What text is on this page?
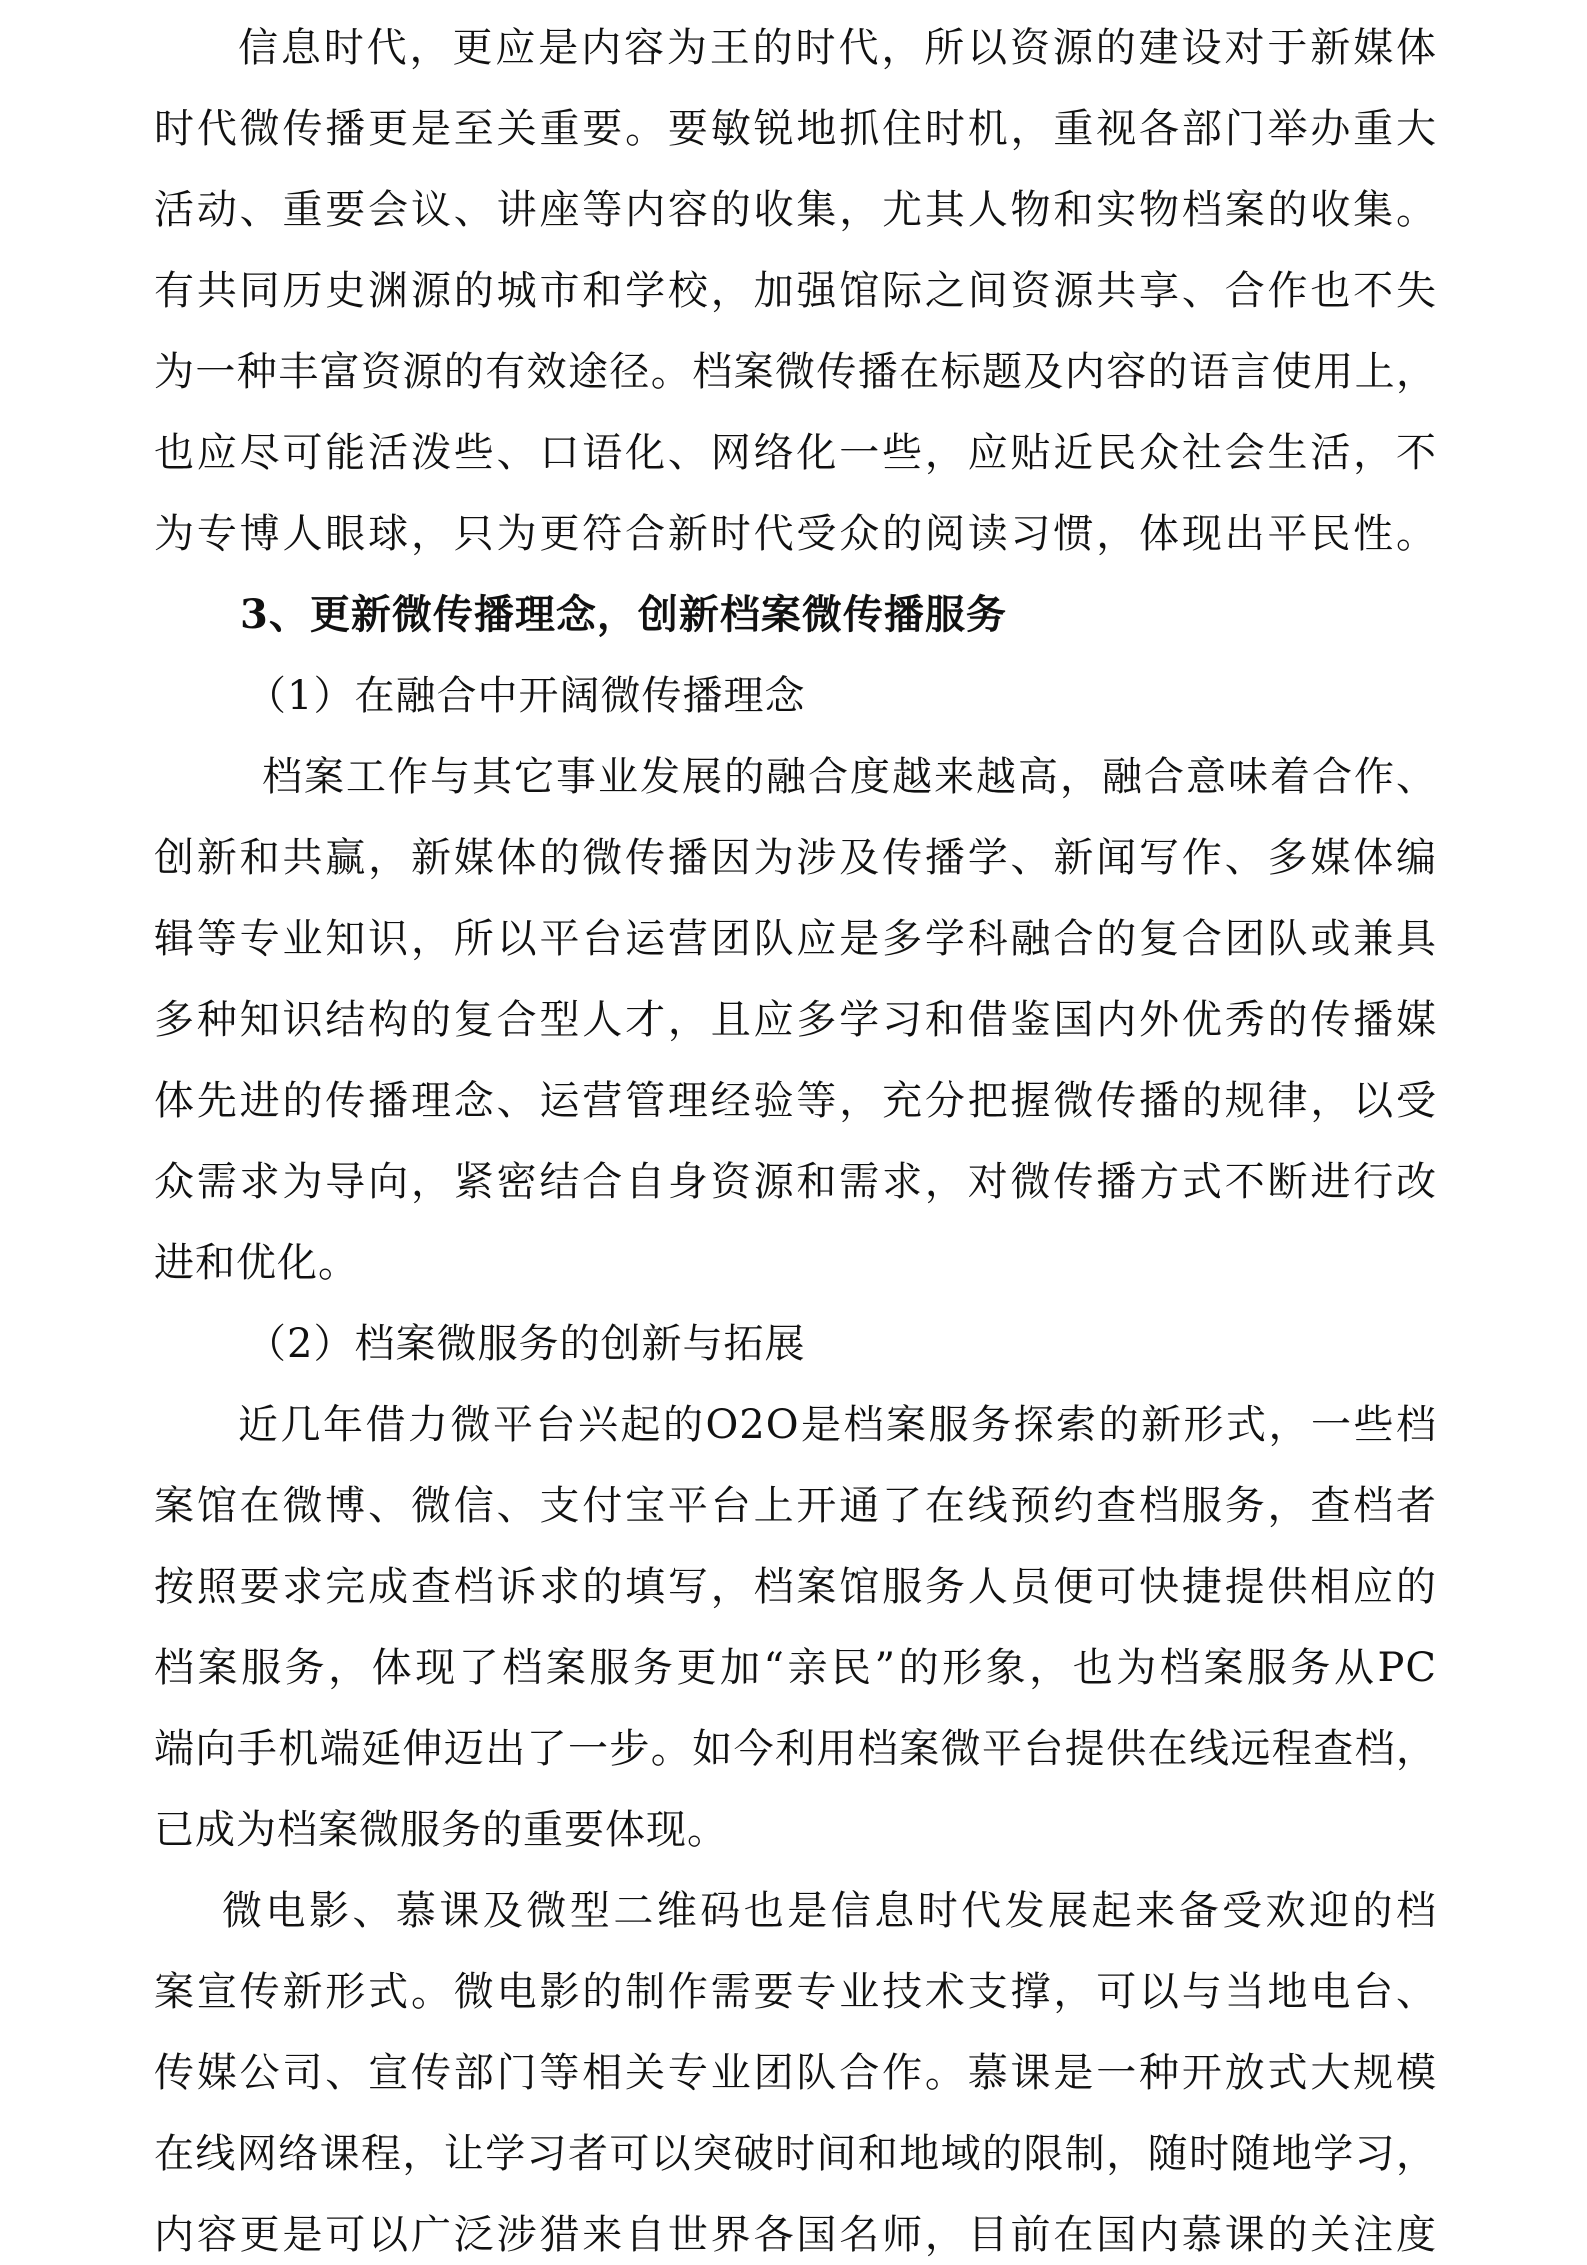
信息时代，更应是内容为王的时代，所以资源的建设对于新媒体
时代微传播更是至关重要。要敏锐地抓住时机，重视各部门举办重大
活动、重要会议、讲座等内容的收集，尤其人物和实物档案的收集。
有共同历史渊源的城市和学校，加强馆际之间资源共享、合作也不失
为一种丰富资源的有效途径。档案微传播在标题及内容的语言使用上，
也应尽可能活泼些、口语化、网络化一些，应贴近民众社会生活，不
为专博人眼球，只为更符合新时代受众的阅读习惯，体现出平民性。
3、更新微传播理念，创新档案微传播服务
（1）在融合中开阔微传播理念
档案工作与其它事业发展的融合度越来越高，融合意味着合作、
创新和共赢，新媒体的微传播因为涉及传播学、新闻写作、多媒体编
辑等专业知识，所以平台运营团队应是多学科融合的复合团队或兼具
多种知识结构的复合型人才，且应多学习和借鉴国内外优秀的传播媒
体先进的传播理念、运营管理经验等，充分把握微传播的规律，以受
众需求为导向，紧密结合自身资源和需求，对微传播方式不断进行改
进和优化。
（2）档案微服务的创新与拓展
近几年借力微平台兴起的O2O是档案服务探索的新形式，一些档
案馆在微博、微信、支付宝平台上开通了在线预约查档服务，查档者
按照要求完成查档诉求的填写，档案馆服务人员便可快捷提供相应的
档案服务，体现了档案服务更加“亲民”的形象，也为档案服务从PC
端向手机端延伸迈出了一步。如今利用档案微平台提供在线远程查档，
已成为档案微服务的重要体现。
微电影、慕课及微型二维码也是信息时代发展起来备受欢迎的档
案宣传新形式。微电影的制作需要专业技术支撑，可以与当地电台、
传媒公司、宣传部门等相关专业团队合作。慕课是一种开放式大规模
在线网络课程，让学习者可以突破时间和地域的限制，随时随地学习，
内容更是可以广泛涉猎来自世界各国名师，目前在国内慕课的关注度
